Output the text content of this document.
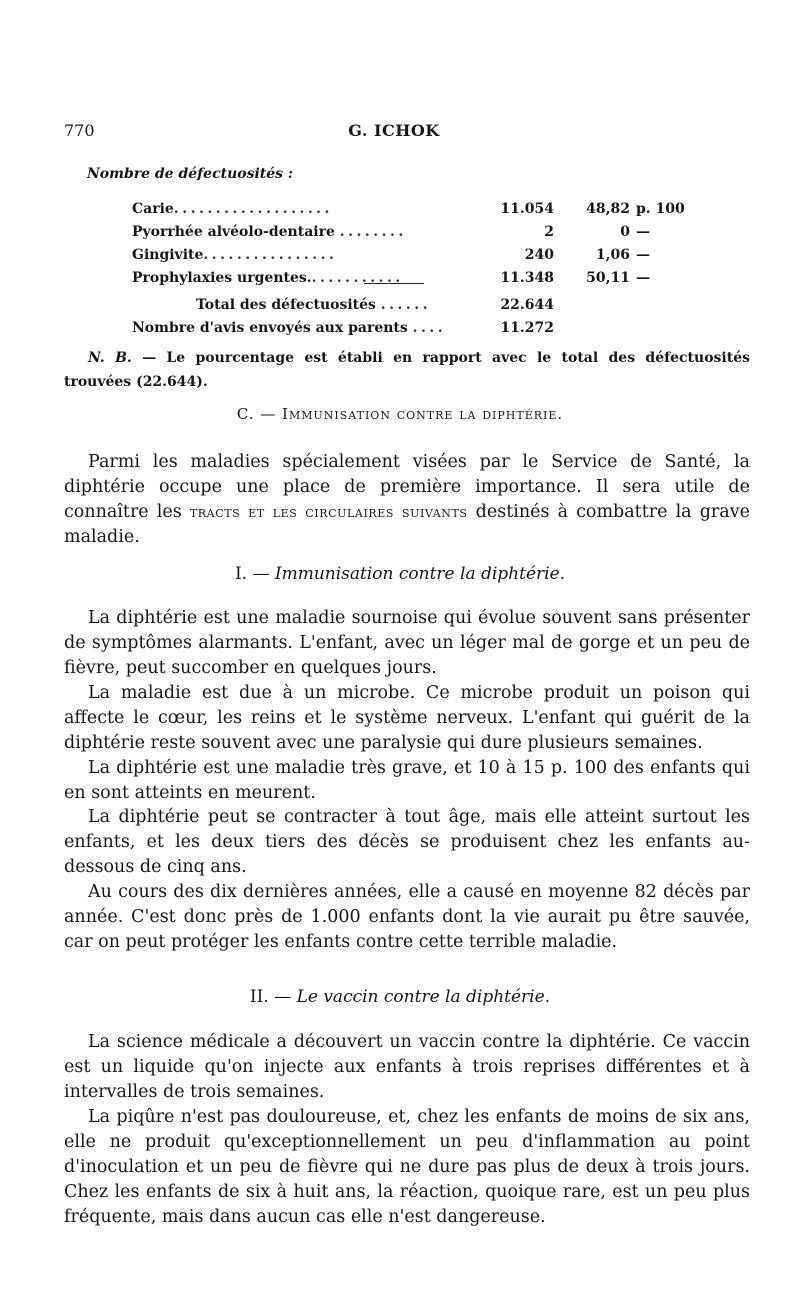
770	G. ICHOK
Nombre de défectuosités :
Carie...................	11.054	48,82 p. 100
Pyorrhée alvéolo-dentaire ........	2	0 —
Gingivite................	240	1,06 —
Prophylaxies urgentes............	11.348	50,11 —
Total des défectuosités ......	22.644
Nombre d'avis envoyés aux parents ....	11.272
N. B. — Le pourcentage est établi en rapport avec le total des défectuosités trouvées (22.644).
C. — Immunisation contre la diphtérie.

Parmi les maladies spécialement visées par le Service de Santé, la diphtérie occupe une place de première importance. Il sera utile de connaître les tracts et les circulaires suivants destinés à combattre la grave maladie.

I. — Immunisation contre la diphtérie.

La diphtérie est une maladie sournoise qui évolue souvent sans présenter de symptômes alarmants. L'enfant, avec un léger mal de gorge et un peu de fièvre, peut succomber en quelques jours.

La maladie est due à un microbe. Ce microbe produit un poison qui affecte le cœur, les reins et le système nerveux. L'enfant qui guérit de la diphtérie reste souvent avec une paralysie qui dure plusieurs semaines.

La diphtérie est une maladie très grave, et 10 à 15 p. 100 des enfants qui en sont atteints en meurent.

La diphtérie peut se contracter à tout âge, mais elle atteint surtout les enfants, et les deux tiers des décès se produisent chez les enfants au-dessous de cinq ans.

Au cours des dix dernières années, elle a causé en moyenne 82 décès par année. C'est donc près de 1.000 enfants dont la vie aurait pu être sauvée, car on peut protéger les enfants contre cette terrible maladie.

II. — Le vaccin contre la diphtérie.

La science médicale a découvert un vaccin contre la diphtérie. Ce vaccin est un liquide qu'on injecte aux enfants à trois reprises différentes et à intervalles de trois semaines.

La piqûre n'est pas douloureuse, et, chez les enfants de moins de six ans, elle ne produit qu'exceptionnellement un peu d'inflammation au point d'inoculation et un peu de fièvre qui ne dure pas plus de deux à trois jours. Chez les enfants de six à huit ans, la réaction, quoique rare, est un peu plus fréquente, mais dans aucun cas elle n'est dangereuse.
